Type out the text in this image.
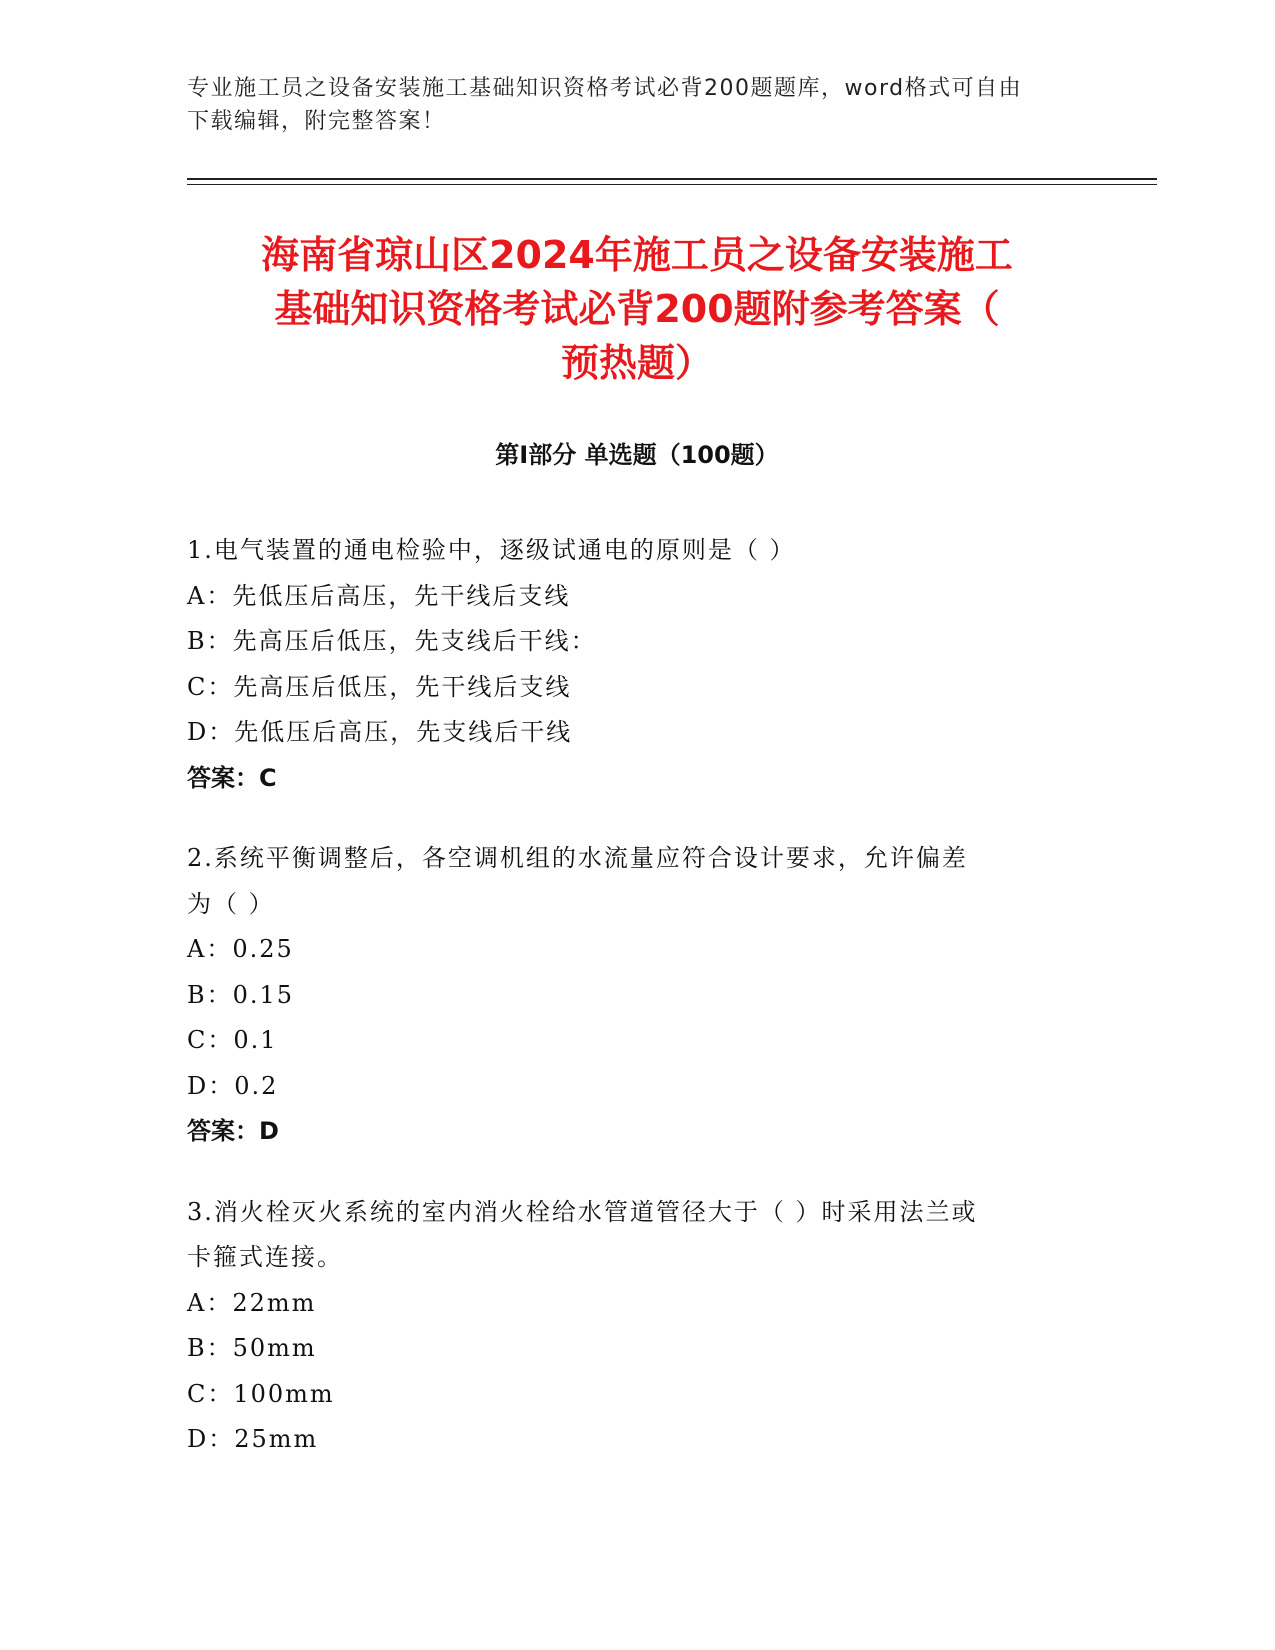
专业施工员之设备安装施工基础知识资格考试必背200题题库，word格式可自由
下载编辑，附完整答案！
海南省琼山区2024年施工员之设备安装施工
基础知识资格考试必背200题附参考答案（
预热题）
第Ⅰ部分 单选题（100题）

1.电气装置的通电检验中，逐级试通电的原则是（ ）

A：先低压后高压，先干线后支线

B：先高压后低压，先支线后干线：

C：先高压后低压，先干线后支线

D：先低压后高压，先支线后干线

答案：C

2.系统平衡调整后，各空调机组的水流量应符合设计要求，允许偏差

为（ ）

A：0.25

B：0.15

C：0.1

D：0.2

答案：D

3.消火栓灭火系统的室内消火栓给水管道管径大于（ ）时采用法兰或

卡箍式连接。

A：22mm

B：50mm

C：100mm

D：25mm
